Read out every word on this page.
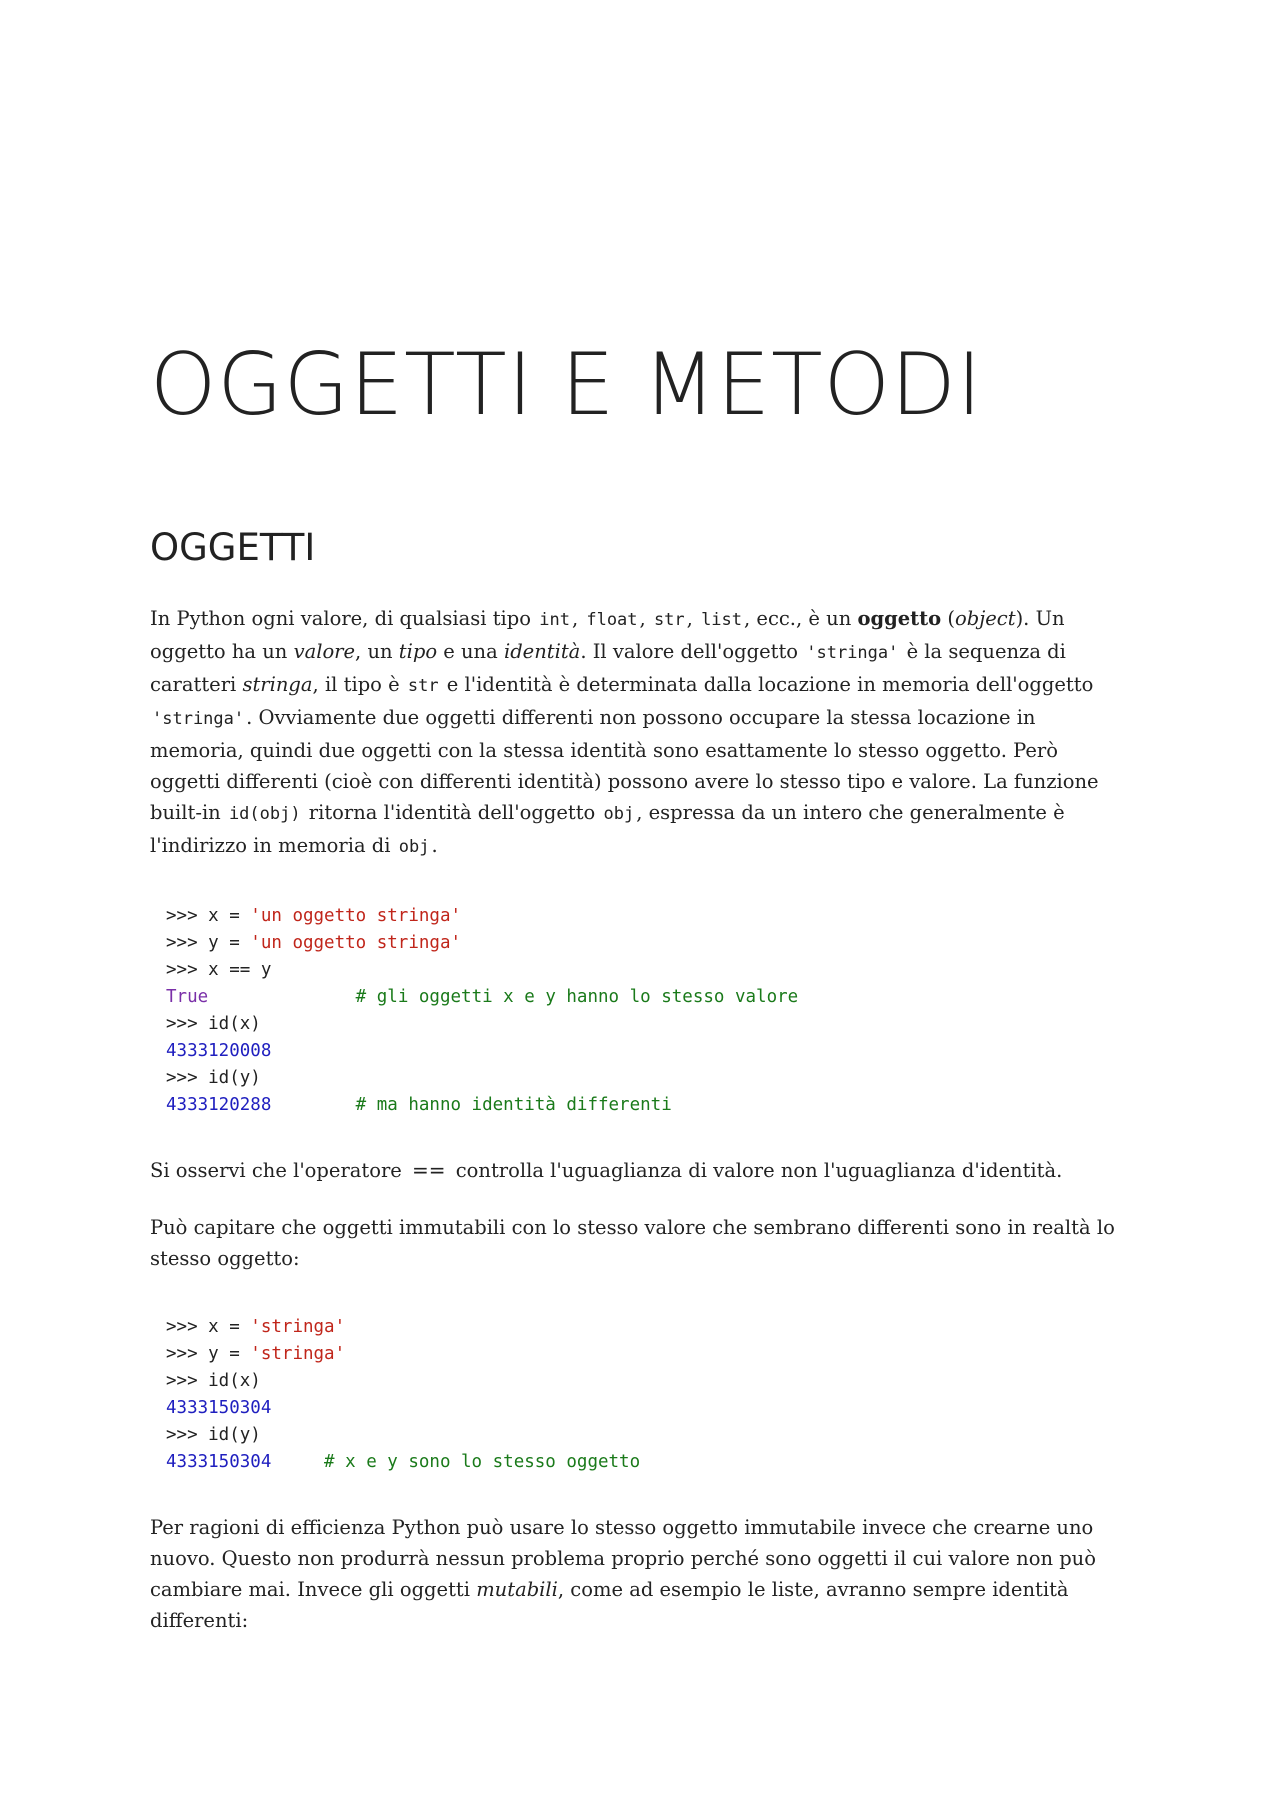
OGGETTI E METODI
OGGETTI

In Python ogni valore, di qualsiasi tipo int , float , str , list , ecc., è un oggetto (object). Un oggetto ha un valore, un tipo e una identità. Il valore dell'oggetto 'stringa' è la sequenza di caratteri stringa, il tipo è str e l'identità è determinata dalla locazione in memoria dell'oggetto 'stringa' . Ovviamente due oggetti differenti non possono occupare la stessa locazione in memoria, quindi due oggetti con la stessa identità sono esattamente lo stesso oggetto. Però oggetti differenti (cioè con differenti identità) possono avere lo stesso tipo e valore. La funzione built-in id(obj) ritorna l'identità dell'oggetto obj , espressa da un intero che generalmente è l'indirizzo in memoria di obj .

>>> x = 'un oggetto stringa'
>>> y = 'un oggetto stringa'
>>> x == y
True	# gli oggetti x e y hanno lo stesso valore
>>> id(x)
4333120008
>>> id(y)
4333120288	# ma hanno identità differenti

Si osservi che l'operatore == controlla l'uguaglianza di valore non l'uguaglianza d'identità.

Può capitare che oggetti immutabili con lo stesso valore che sembrano differenti sono in realtà lo stesso oggetto:

>>> x = 'stringa'
>>> y = 'stringa'
>>> id(x)
4333150304
>>> id(y)
4333150304	# x e y sono lo stesso oggetto

Per ragioni di efficienza Python può usare lo stesso oggetto immutabile invece che crearne uno nuovo. Questo non produrrà nessun problema proprio perché sono oggetti il cui valore non può cambiare mai. Invece gli oggetti mutabili, come ad esempio le liste, avranno sempre identità differenti:
